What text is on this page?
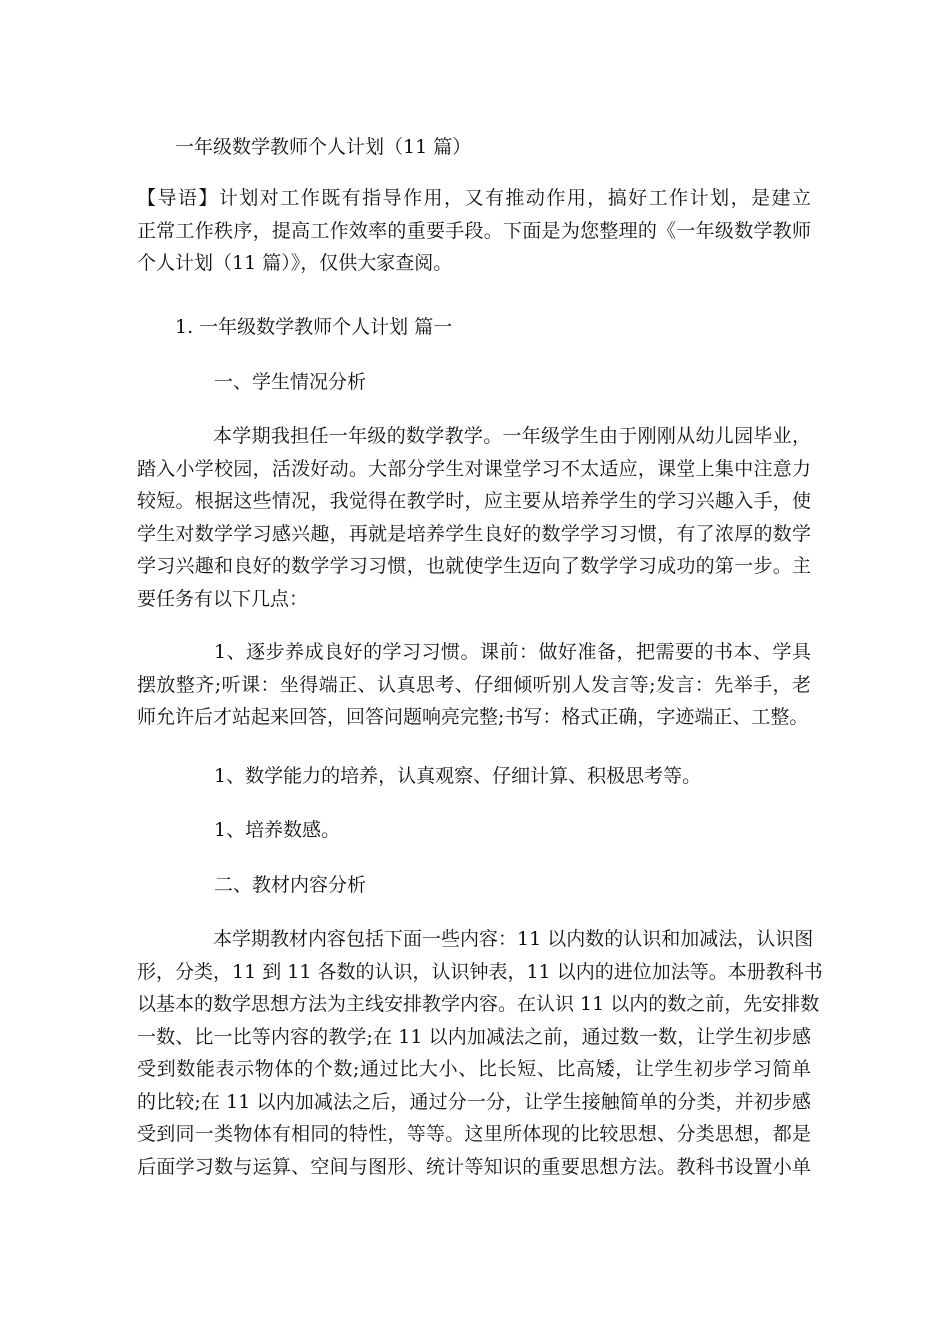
一年级数学教师个人计划（11 篇）
【导语】计划对工作既有指导作用，又有推动作用，搞好工作计划，是建立
正常工作秩序，提高工作效率的重要手段。下面是为您整理的《一年级数学教师
个人计划（11 篇）》，仅供大家查阅。
1. 一年级数学教师个人计划 篇一
一、学生情况分析
本学期我担任一年级的数学教学。一年级学生由于刚刚从幼儿园毕业，
踏入小学校园，活泼好动。大部分学生对课堂学习不太适应，课堂上集中注意力
较短。根据这些情况，我觉得在教学时，应主要从培养学生的学习兴趣入手，使
学生对数学学习感兴趣，再就是培养学生良好的数学学习习惯，有了浓厚的数学
学习兴趣和良好的数学学习习惯，也就使学生迈向了数学学习成功的第一步。主
要任务有以下几点：
1、逐步养成良好的学习习惯。课前：做好准备，把需要的书本、学具
摆放整齐;听课：坐得端正、认真思考、仔细倾听别人发言等;发言：先举手，老
师允许后才站起来回答，回答问题响亮完整;书写：格式正确，字迹端正、工整。
1、数学能力的培养，认真观察、仔细计算、积极思考等。
1、培养数感。
二、教材内容分析
本学期教材内容包括下面一些内容：11 以内数的认识和加减法，认识图
形，分类，11 到 11 各数的认识，认识钟表，11 以内的进位加法等。本册教科书
以基本的数学思想方法为主线安排教学内容。在认识 11 以内的数之前，先安排数
一数、比一比等内容的教学;在 11 以内加减法之前，通过数一数，让学生初步感
受到数能表示物体的个数;通过比大小、比长短、比高矮，让学生初步学习简单
的比较;在 11 以内加减法之后，通过分一分，让学生接触简单的分类，并初步感
受到同一类物体有相同的特性，等等。这里所体现的比较思想、分类思想，都是
后面学习数与运算、空间与图形、统计等知识的重要思想方法。教科书设置小单
